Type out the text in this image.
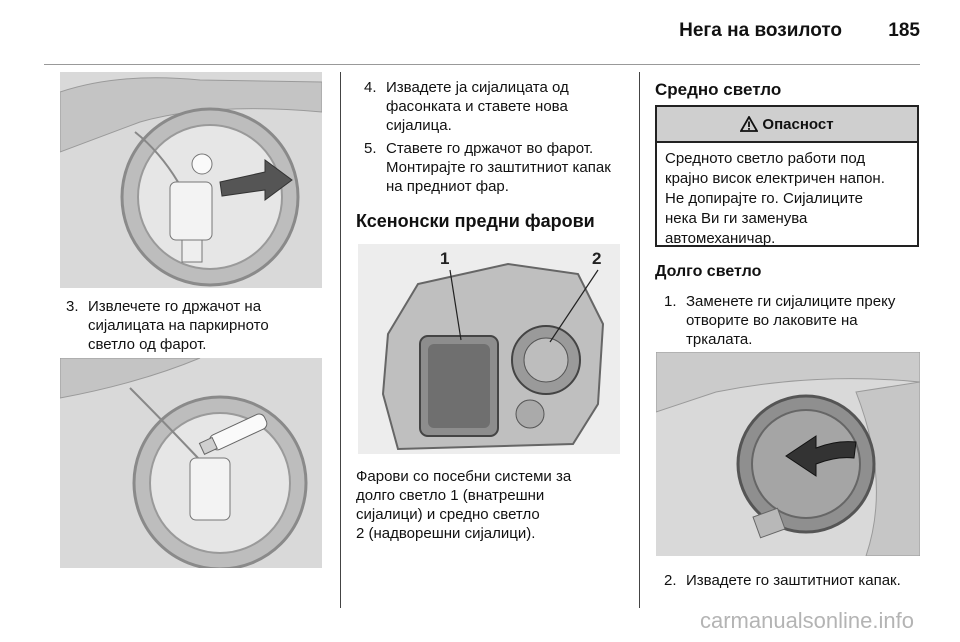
Нега на возилото 185
3. Извлечете го држачот на
сијалицата на паркирното
светло од фарот.
4. Извадете ја сијалицата од
фасонката и ставете нова
сијалица.
5. Ставете го држачот во фарот.
Монтирајте го заштитниот капак
на предниот фар.
Ксенонски предни фарови
1	2
Фарови со посебни системи за
долго светло 1 (внатрешни
сијалици) и средно светло
2 (надворешни сијалици).
Средно светло
Опасност
Средното светло работи под
крајно висок електричен напон.
Не допирајте го. Сијалиците
нека Ви ги заменува
автомеханичар.
Долго светло
1. Заменете ги сијалиците преку
отворите во лаковите на
тркалата.
2. Извадете го заштитниот капак.
carmanualsonline.info
